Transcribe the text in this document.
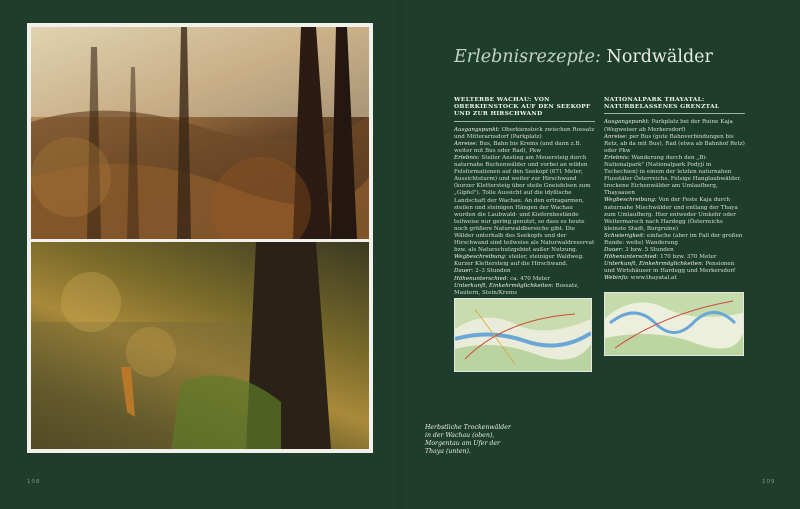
Herbstliche Trockenwälder in der Wachau (oben), Morgentau am Ufer der Thaya (unten).
108	109
Erlebnisrezepte: Nordwälder
WELTERBE WACHAU: VON OBERKIENSTOCK AUF DEN SEEKOPF UND ZUR HIRSCHWAND

Ausgangspunkt: Oberkienstock zwischen Rossatz und Mitterarnsdorf (Parkplatz)
Anreise: Bus, Bahn bis Krems (und dann z.B. weiter mit Bus oder Rad), Pkw
Erlebnis: Steiler Anstieg am Meuersteig durch naturnahe Buchenwälder und vorbei an wilden Felsformationen auf den Seekopf (671 Meter, Aussichtsturm) und weiter zur Hirschwand (kurzer Klettersteig über steile Gneisfelsen zum „Gipfel"). Tolle Aussicht auf die idyllische Landschaft der Wachau. An den ertragarmen, steilen und steinigen Hängen der Wachau wurden die Laubwald- und Kiefernbestände teilweise nur gering genutzt, so dass es heute noch größere Naturwaldbereiche gibt. Die Wälder unterhalb des Seekopfs und der Hirschwand sind teilweise als Naturwaldreservat bzw. als Naturschutzgebiet außer Nutzung.
Wegbeschreibung: steiler, steiniger Waldweg. Kurzer Klettersteig auf die Hirschwand.
Dauer: 2–3 Stunden
Höhenunterschied: ca. 470 Meter
Unterkunft, Einkehrmöglichkeiten: Rossatz, Mautern, Stein/Krems

NATIONALPARK THAYATAL: NATURBELASSENES GRENZTAL

Ausgangspunkt: Parkplatz bei der Ruine Kaja (Wegweiser ab Merkersdorf)
Anreise: per Bus (gute Bahnverbindungen bis Retz, ab da mit Bus), Rad (etwa ab Bahnhof Retz) oder Pkw
Erlebnis: Wanderung durch den „Bi-Nationalpark" (Nationalpark Podyjí in Tschechien) in einem der letzten naturnahen Flusstäler Österreichs. Felsige Hanglaubwälder, trockene Eichenwälder am Umlaufberg, Thayaauen
Wegbeschreibung: Von der Feste Kaja durch naturnahe Mischwälder und entlang der Thaya zum Umlaufberg. Hier entweder Umkehr oder Weitermarsch nach Hardegg (Österreichs kleinste Stadt, Burgruine)
Schwierigkeit: einfache (aber im Fall der großen Runde: weite) Wanderung
Dauer: 3 bzw. 5 Stunden
Höhenunterschied: 170 bzw. 370 Meter
Unterkunft, Einkehrmöglichkeiten: Pensionen und Wirtshäuser in Hardegg und Merkersdorf
Webinfo: www.thayatal.at
